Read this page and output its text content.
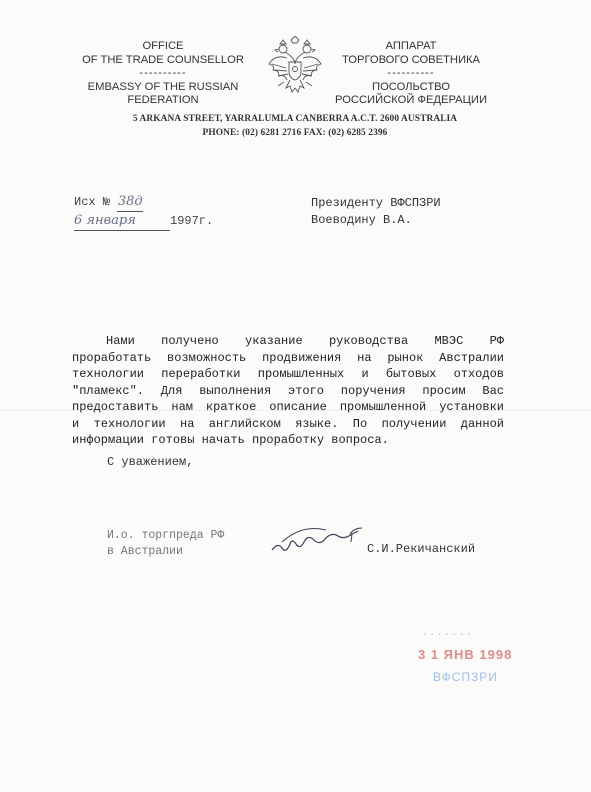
OFFICE
OF THE TRADE COUNSELLOR
----------
EMBASSY OF THE RUSSIAN
FEDERATION
АППАРАТ
ТОРГОВОГО СОВЕТНИКА
----------
ПОСОЛЬСТВО
РОССИЙСКОЙ ФЕДЕРАЦИИ
5 ARKANA STREET, YARRALUMLA CANBERRA A.C.T. 2600 AUSTRALIA
PHONE: (02) 6281 2716 FAX: (02) 6285 2396
Исх № 38д
6 января	1997г.
Президенту ВФСПЗРИ
Воеводину В.А.
Нами получено указание руководства МВЭС РФ
проработать возможность продвижения на рынок Австралии
технологии переработки промышленных и бытовых отходов
"пламекс". Для выполнения этого поручения просим Вас
предоставить нам краткое описание промышленной установки
и технологии на английском языке. По получении данной
информации готовы начать проработку вопроса.
С уважением,
И.о. торгпреда РФ
в Австралии	С.И.Рекичанский
.......
3 1 ЯНВ 1998
ВФСПЗРИ
